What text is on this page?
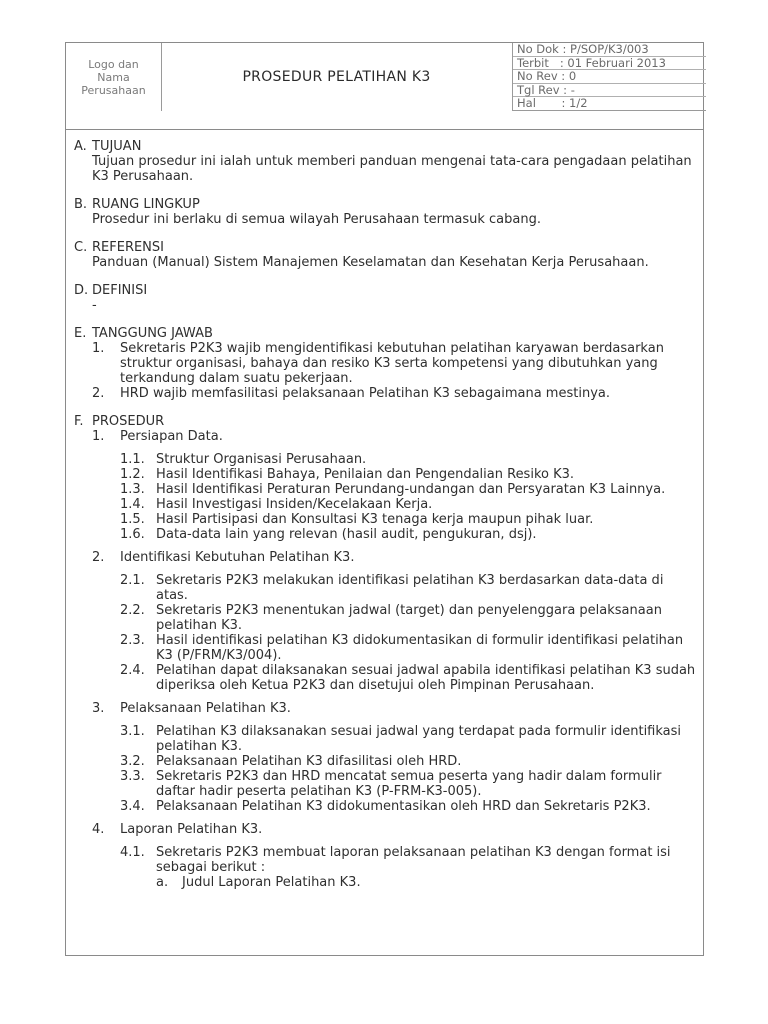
Logo dan
Nama
Perusahaan
PROSEDUR PELATIHAN K3
No Dok : P/SOP/K3/003
Terbit   : 01 Februari 2013
No Rev : 0
Tgl Rev : -
Hal       : 1/2
A. TUJUAN
Tujuan prosedur ini ialah untuk memberi panduan mengenai tata-cara pengadaan pelatihan K3 Perusahaan.
B. RUANG LINGKUP
Prosedur ini berlaku di semua wilayah Perusahaan termasuk cabang.
C. REFERENSI
Panduan (Manual) Sistem Manajemen Keselamatan dan Kesehatan Kerja Perusahaan.
D. DEFINISI
-
E. TANGGUNG JAWAB
1.	Sekretaris P2K3 wajib mengidentifikasi kebutuhan pelatihan karyawan berdasarkan struktur organisasi, bahaya dan resiko K3 serta kompetensi yang dibutuhkan yang terkandung dalam suatu pekerjaan.
2.	HRD wajib memfasilitasi pelaksanaan Pelatihan K3 sebagaimana mestinya.
F. PROSEDUR
1.	Persiapan Data.
1.1. Struktur Organisasi Perusahaan.
1.2. Hasil Identifikasi Bahaya, Penilaian dan Pengendalian Resiko K3.
1.3. Hasil Identifikasi Peraturan Perundang-undangan dan Persyaratan K3 Lainnya.
1.4. Hasil Investigasi Insiden/Kecelakaan Kerja.
1.5. Hasil Partisipasi dan Konsultasi K3 tenaga kerja maupun pihak luar.
1.6. Data-data lain yang relevan (hasil audit, pengukuran, dsj).
2.	Identifikasi Kebutuhan Pelatihan K3.
2.1. Sekretaris P2K3 melakukan identifikasi pelatihan K3 berdasarkan data-data di atas.
2.2. Sekretaris P2K3 menentukan jadwal (target) dan penyelenggara pelaksanaan pelatihan K3.
2.3. Hasil identifikasi pelatihan K3 didokumentasikan di formulir identifikasi pelatihan K3 (P/FRM/K3/004).
2.4. Pelatihan dapat dilaksanakan sesuai jadwal apabila identifikasi pelatihan K3 sudah diperiksa oleh Ketua P2K3 dan disetujui oleh Pimpinan Perusahaan.
3.	Pelaksanaan Pelatihan K3.
3.1. Pelatihan K3 dilaksanakan sesuai jadwal yang terdapat pada formulir identifikasi pelatihan K3.
3.2. Pelaksanaan Pelatihan K3 difasilitasi oleh HRD.
3.3. Sekretaris P2K3 dan HRD mencatat semua peserta yang hadir dalam formulir daftar hadir peserta pelatihan K3 (P-FRM-K3-005).
3.4. Pelaksanaan Pelatihan K3 didokumentasikan oleh HRD dan Sekretaris P2K3.
4.	Laporan Pelatihan K3.
4.1. Sekretaris P2K3 membuat laporan pelaksanaan pelatihan K3 dengan format isi sebagai berikut :
a.	Judul Laporan Pelatihan K3.
